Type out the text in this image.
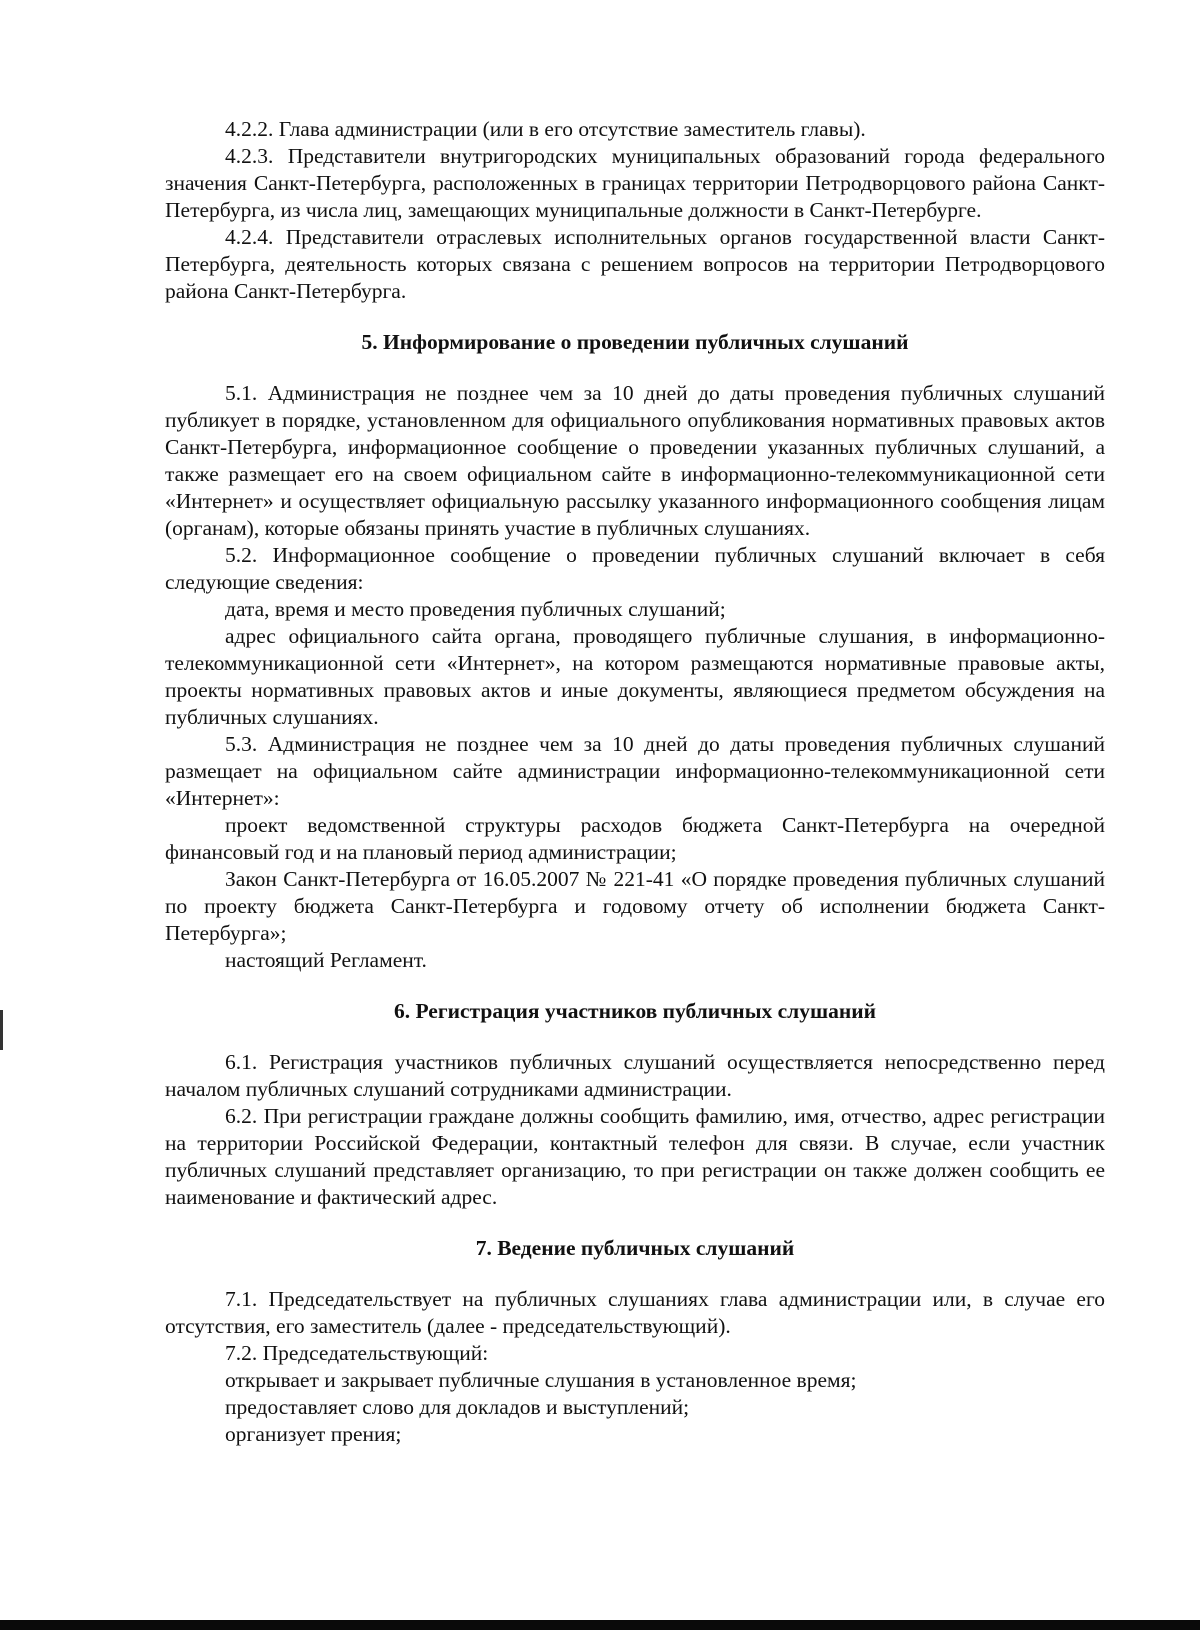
4.2.2. Глава администрации (или в его отсутствие заместитель главы).

4.2.3. Представители внутригородских муниципальных образований города федерального значения Санкт-Петербурга, расположенных в границах территории Петродворцового района Санкт-Петербурга, из числа лиц, замещающих муниципальные должности в Санкт-Петербурге.

4.2.4. Представители отраслевых исполнительных органов государственной власти Санкт-Петербурга, деятельность которых связана с решением вопросов на территории Петродворцового района Санкт-Петербурга.

5. Информирование о проведении публичных слушаний

5.1. Администрация не позднее чем за 10 дней до даты проведения публичных слушаний публикует в порядке, установленном для официального опубликования нормативных правовых актов Санкт-Петербурга, информационное сообщение о проведении указанных публичных слушаний, а также размещает его на своем официальном сайте в информационно-телекоммуникационной сети «Интернет» и осуществляет официальную рассылку указанного информационного сообщения лицам (органам), которые обязаны принять участие в публичных слушаниях.

5.2. Информационное сообщение о проведении публичных слушаний включает в себя следующие сведения:

дата, время и место проведения публичных слушаний;

адрес официального сайта органа, проводящего публичные слушания, в информационно-телекоммуникационной сети «Интернет», на котором размещаются нормативные правовые акты, проекты нормативных правовых актов и иные документы, являющиеся предметом обсуждения на публичных слушаниях.

5.3. Администрация не позднее чем за 10 дней до даты проведения публичных слушаний размещает на официальном сайте администрации информационно-телекоммуникационной сети «Интернет»:

проект ведомственной структуры расходов бюджета Санкт-Петербурга на очередной финансовый год и на плановый период администрации;

Закон Санкт-Петербурга от 16.05.2007 № 221-41 «О порядке проведения публичных слушаний по проекту бюджета Санкт-Петербурга и годовому отчету об исполнении бюджета Санкт-Петербурга»;

настоящий Регламент.

6. Регистрация участников публичных слушаний

6.1. Регистрация участников публичных слушаний осуществляется непосредственно перед началом публичных слушаний сотрудниками администрации.

6.2. При регистрации граждане должны сообщить фамилию, имя, отчество, адрес регистрации на территории Российской Федерации, контактный телефон для связи. В случае, если участник публичных слушаний представляет организацию, то при регистрации он также должен сообщить ее наименование и фактический адрес.

7. Ведение публичных слушаний

7.1. Председательствует на публичных слушаниях глава администрации или, в случае его отсутствия, его заместитель (далее - председательствующий).

7.2. Председательствующий:

открывает и закрывает публичные слушания в установленное время;

предоставляет слово для докладов и выступлений;

организует прения;
